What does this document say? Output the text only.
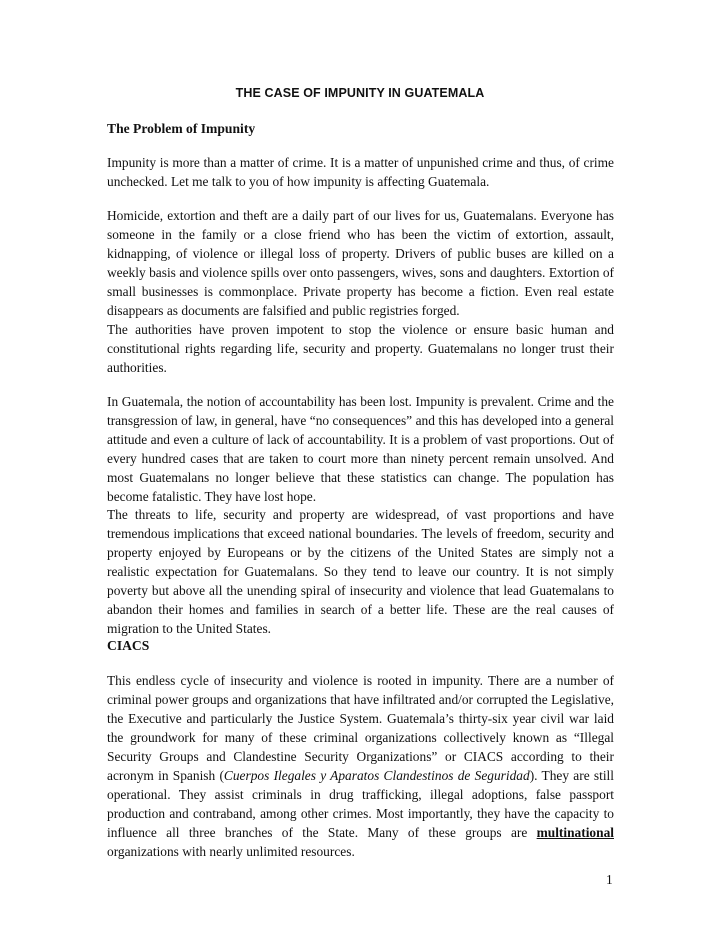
THE CASE OF IMPUNITY IN GUATEMALA
The Problem of Impunity

Impunity is more than a matter of crime. It is a matter of unpunished crime and thus, of crime unchecked. Let me talk to you of how impunity is affecting Guatemala.

Homicide, extortion and theft are a daily part of our lives for us, Guatemalans. Everyone has someone in the family or a close friend who has been the victim of extortion, assault, kidnapping, of violence or illegal loss of property. Drivers of public buses are killed on a weekly basis and violence spills over onto passengers, wives, sons and daughters. Extortion of small businesses is commonplace. Private property has become a fiction. Even real estate disappears as documents are falsified and public registries forged.

The authorities have proven impotent to stop the violence or ensure basic human and constitutional rights regarding life, security and property. Guatemalans no longer trust their authorities.

In Guatemala, the notion of accountability has been lost. Impunity is prevalent. Crime and the transgression of law, in general, have “no consequences” and this has developed into a general attitude and even a culture of lack of accountability. It is a problem of vast proportions. Out of every hundred cases that are taken to court more than ninety percent remain unsolved. And most Guatemalans no longer believe that these statistics can change. The population has become fatalistic. They have lost hope.

The threats to life, security and property are widespread, of vast proportions and have tremendous implications that exceed national boundaries. The levels of freedom, security and property enjoyed by Europeans or by the citizens of the United States are simply not a realistic expectation for Guatemalans. So they tend to leave our country. It is not simply poverty but above all the unending spiral of insecurity and violence that lead Guatemalans to abandon their homes and families in search of a better life. These are the real causes of migration to the United States.

CIACS

This endless cycle of insecurity and violence is rooted in impunity. There are a number of criminal power groups and organizations that have infiltrated and/or corrupted the Legislative, the Executive and particularly the Justice System. Guatemala’s thirty-six year civil war laid the groundwork for many of these criminal organizations collectively known as “Illegal Security Groups and Clandestine Security Organizations” or CIACS according to their acronym in Spanish (Cuerpos Ilegales y Aparatos Clandestinos de Seguridad). They are still operational. They assist criminals in drug trafficking, illegal adoptions, false passport production and contraband, among other crimes. Most importantly, they have the capacity to influence all three branches of the State. Many of these groups are multinational organizations with nearly unlimited resources.

1
